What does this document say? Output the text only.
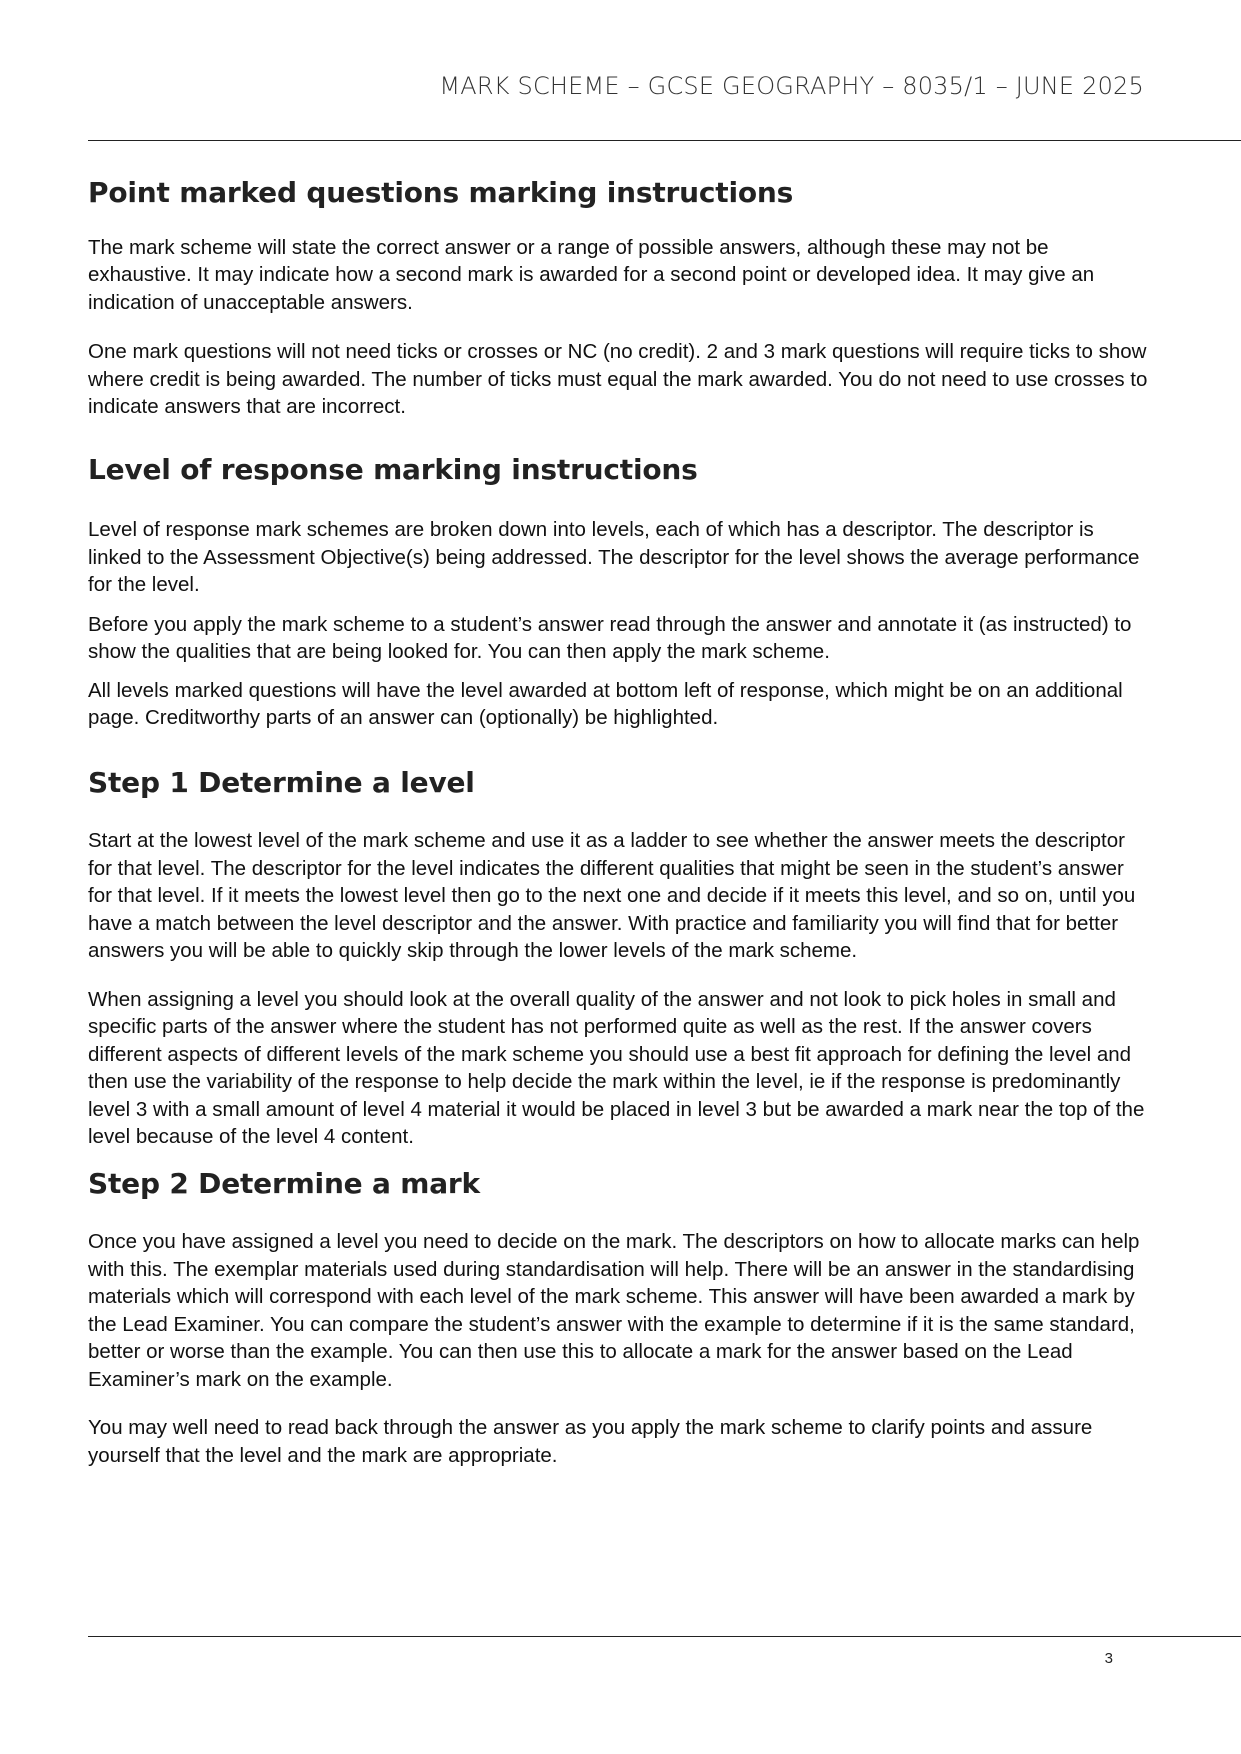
MARK SCHEME – GCSE GEOGRAPHY – 8035/1 – JUNE 2025
Point marked questions marking instructions

The mark scheme will state the correct answer or a range of possible answers, although these may not be exhaustive. It may indicate how a second mark is awarded for a second point or developed idea. It may give an indication of unacceptable answers.

One mark questions will not need ticks or crosses or NC (no credit). 2 and 3 mark questions will require ticks to show where credit is being awarded. The number of ticks must equal the mark awarded. You do not need to use crosses to indicate answers that are incorrect.

Level of response marking instructions

Level of response mark schemes are broken down into levels, each of which has a descriptor. The descriptor is linked to the Assessment Objective(s) being addressed. The descriptor for the level shows the average performance for the level.

Before you apply the mark scheme to a student’s answer read through the answer and annotate it (as instructed) to show the qualities that are being looked for. You can then apply the mark scheme.

All levels marked questions will have the level awarded at bottom left of response, which might be on an additional page. Creditworthy parts of an answer can (optionally) be highlighted.

Step 1 Determine a level

Start at the lowest level of the mark scheme and use it as a ladder to see whether the answer meets the descriptor for that level. The descriptor for the level indicates the different qualities that might be seen in the student’s answer for that level. If it meets the lowest level then go to the next one and decide if it meets this level, and so on, until you have a match between the level descriptor and the answer. With practice and familiarity you will find that for better answers you will be able to quickly skip through the lower levels of the mark scheme.

When assigning a level you should look at the overall quality of the answer and not look to pick holes in small and specific parts of the answer where the student has not performed quite as well as the rest. If the answer covers different aspects of different levels of the mark scheme you should use a best fit approach for defining the level and then use the variability of the response to help decide the mark within the level, ie if the response is predominantly level 3 with a small amount of level 4 material it would be placed in level 3 but be awarded a mark near the top of the level because of the level 4 content.

Step 2 Determine a mark

Once you have assigned a level you need to decide on the mark. The descriptors on how to allocate marks can help with this. The exemplar materials used during standardisation will help. There will be an answer in the standardising materials which will correspond with each level of the mark scheme. This answer will have been awarded a mark by the Lead Examiner. You can compare the student’s answer with the example to determine if it is the same standard, better or worse than the example. You can then use this to allocate a mark for the answer based on the Lead Examiner’s mark on the example.

You may well need to read back through the answer as you apply the mark scheme to clarify points and assure yourself that the level and the mark are appropriate.

3
